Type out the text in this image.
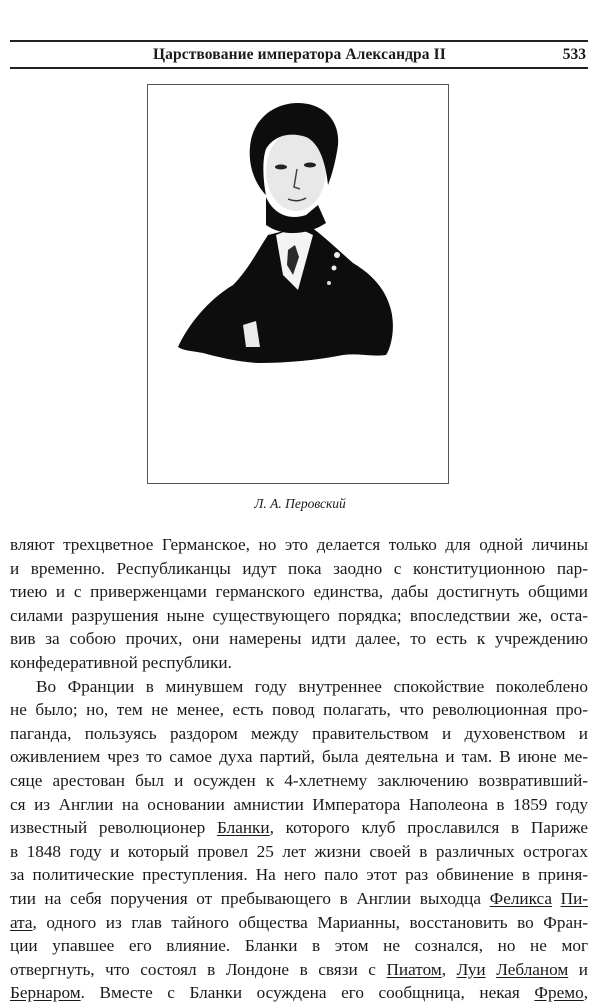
Царствование императора Александра II	533
Л. А. Перовский
вляют трехцветное Германское, но это делается только для одной личины
и временно. Республиканцы идут пока заодно с конституционною пар-
тиею и с приверженцами германского единства, дабы достигнуть общими
силами разрушения ныне существующего порядка; впоследствии же, оста-
вив за собою прочих, они намерены идти далее, то есть к учреждению
конфедеративной республики.
Во Франции в минувшем году внутреннее спокойствие поколеблено
не было; но, тем не менее, есть повод полагать, что революционная про-
паганда, пользуясь раздором между правительством и духовенством и
оживлением чрез то самое духа партий, была деятельна и там. В июне ме-
сяце арестован был и осужден к 4-хлетнему заключению возвративший-
ся из Англии на основании амнистии Императора Наполеона в 1859 году
известный революционер Бланки, которого клуб прославился в Париже
в 1848 году и который провел 25 лет жизни своей в различных острогах
за политические преступления. На него пало этот раз обвинение в приня-
тии на себя поручения от пребывающего в Англии выходца Феликса Пи-
ата, одного из глав тайного общества Марианны, восстановить во Фран-
ции упавшее его влияние. Бланки в этом не сознался, но не мог
отвергнуть, что состоял в Лондоне в связи с Пиатом, Луи Лебланом и
Бернаром. Вместе с Бланки осуждена его сообщница, некая Фремо,
